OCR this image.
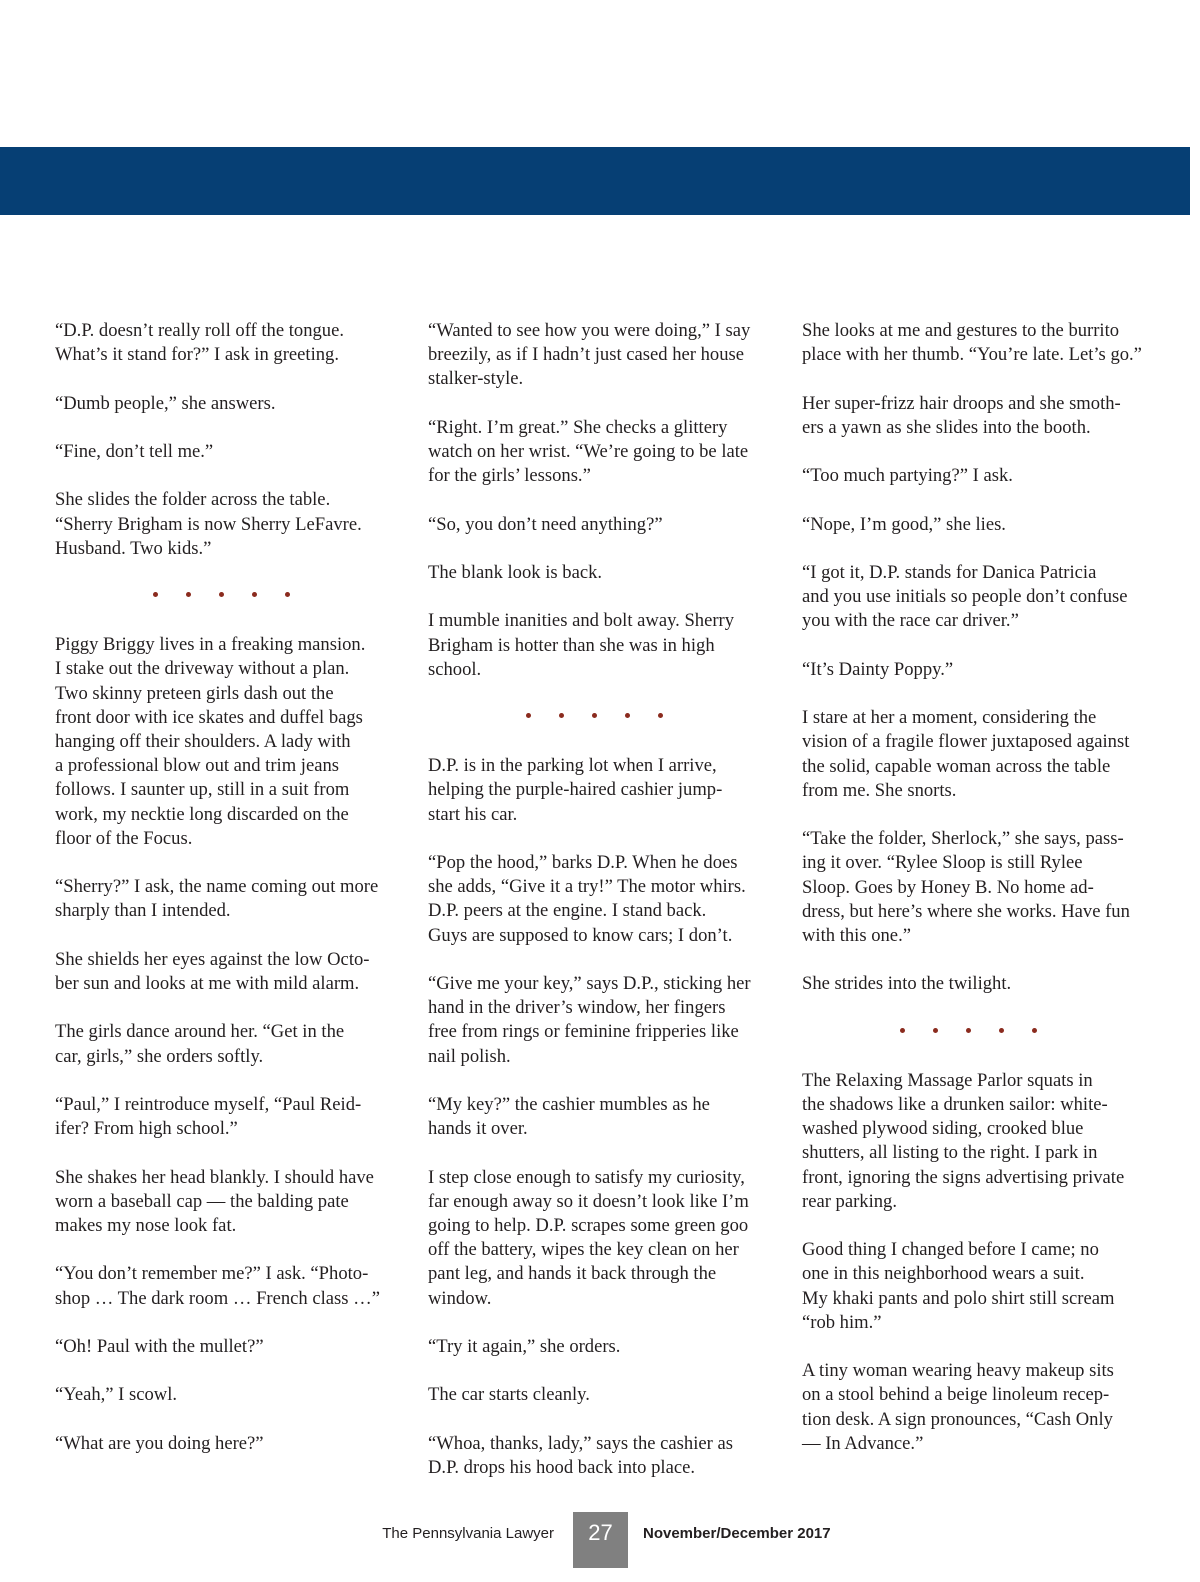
“D.P. doesn’t really roll off the tongue.
What’s it stand for?” I ask in greeting.

“Dumb people,” she answers.

“Fine, don’t tell me.”

She slides the folder across the table.
“Sherry Brigham is now Sherry LeFavre.
Husband. Two kids.”

Piggy Briggy lives in a freaking mansion.
I stake out the driveway without a plan.
Two skinny preteen girls dash out the
front door with ice skates and duffel bags
hanging off their shoulders. A lady with
a professional blow out and trim jeans
follows. I saunter up, still in a suit from
work, my necktie long discarded on the
floor of the Focus.

“Sherry?” I ask, the name coming out more
sharply than I intended.

She shields her eyes against the low Octo-
ber sun and looks at me with mild alarm.

The girls dance around her. “Get in the
car, girls,” she orders softly.

“Paul,” I reintroduce myself, “Paul Reid-
ifer? From high school.”

She shakes her head blankly. I should have
worn a baseball cap — the balding pate
makes my nose look fat.

“You don’t remember me?” I ask. “Photo-
shop … The dark room … French class …”

“Oh! Paul with the mullet?”

“Yeah,” I scowl.

“What are you doing here?”

“Wanted to see how you were doing,” I say
breezily, as if I hadn’t just cased her house
stalker-style.

“Right. I’m great.” She checks a glittery
watch on her wrist. “We’re going to be late
for the girls’ lessons.”

“So, you don’t need anything?”

The blank look is back.

I mumble inanities and bolt away. Sherry
Brigham is hotter than she was in high
school.

D.P. is in the parking lot when I arrive,
helping the purple-haired cashier jump-
start his car.

“Pop the hood,” barks D.P. When he does
she adds, “Give it a try!” The motor whirs.
D.P. peers at the engine. I stand back.
Guys are supposed to know cars; I don’t.

“Give me your key,” says D.P., sticking her
hand in the driver’s window, her fingers
free from rings or feminine fripperies like
nail polish.

“My key?” the cashier mumbles as he
hands it over.

I step close enough to satisfy my curiosity,
far enough away so it doesn’t look like I’m
going to help. D.P. scrapes some green goo
off the battery, wipes the key clean on her
pant leg, and hands it back through the
window.

“Try it again,” she orders.

The car starts cleanly.

“Whoa, thanks, lady,” says the cashier as
D.P. drops his hood back into place.

She looks at me and gestures to the burrito
place with her thumb. “You’re late. Let’s go.”

Her super-frizz hair droops and she smoth-
ers a yawn as she slides into the booth.

“Too much partying?” I ask.

“Nope, I’m good,” she lies.

“I got it, D.P. stands for Danica Patricia
and you use initials so people don’t confuse
you with the race car driver.”

“It’s Dainty Poppy.”

I stare at her a moment, considering the
vision of a fragile flower juxtaposed against
the solid, capable woman across the table
from me. She snorts.

“Take the folder, Sherlock,” she says, pass-
ing it over. “Rylee Sloop is still Rylee
Sloop. Goes by Honey B. No home ad-
dress, but here’s where she works. Have fun
with this one.”

She strides into the twilight.

The Relaxing Massage Parlor squats in
the shadows like a drunken sailor: white-
washed plywood siding, crooked blue
shutters, all listing to the right. I park in
front, ignoring the signs advertising private
rear parking.

Good thing I changed before I came; no
one in this neighborhood wears a suit.
My khaki pants and polo shirt still scream
“rob him.”

A tiny woman wearing heavy makeup sits
on a stool behind a beige linoleum recep-
tion desk. A sign pronounces, “Cash Only
— In Advance.”

The Pennsylvania Lawyer	27	November/December 2017
